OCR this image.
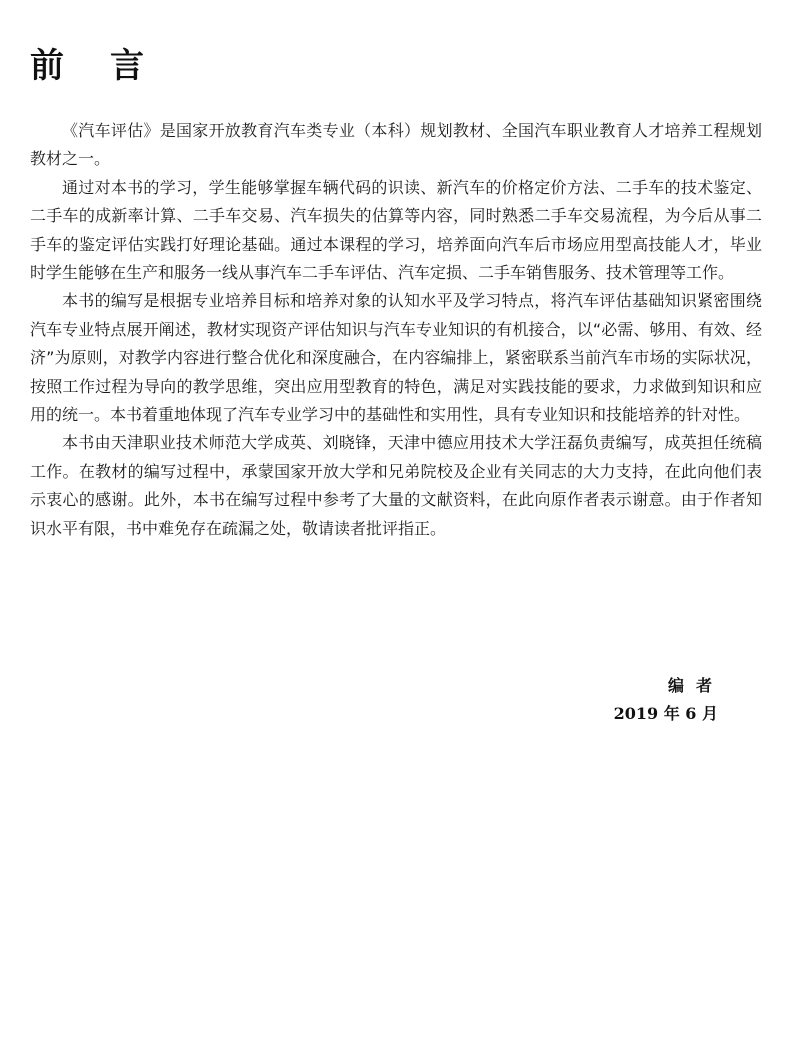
前言

《汽车评估》是国家开放教育汽车类专业（本科）规划教材、全国汽车职业教育人才培养工程规划教材之一。

通过对本书的学习，学生能够掌握车辆代码的识读、新汽车的价格定价方法、二手车的技术鉴定、二手车的成新率计算、二手车交易、汽车损失的估算等内容，同时熟悉二手车交易流程，为今后从事二手车的鉴定评估实践打好理论基础。通过本课程的学习，培养面向汽车后市场应用型高技能人才，毕业时学生能够在生产和服务一线从事汽车二手车评估、汽车定损、二手车销售服务、技术管理等工作。

本书的编写是根据专业培养目标和培养对象的认知水平及学习特点，将汽车评估基础知识紧密围绕汽车专业特点展开阐述，教材实现资产评估知识与汽车专业知识的有机接合，以“必需、够用、有效、经济”为原则，对教学内容进行整合优化和深度融合，在内容编排上，紧密联系当前汽车市场的实际状况，按照工作过程为导向的教学思维，突出应用型教育的特色，满足对实践技能的要求，力求做到知识和应用的统一。本书着重地体现了汽车专业学习中的基础性和实用性，具有专业知识和技能培养的针对性。

本书由天津职业技术师范大学成英、刘晓锋，天津中德应用技术大学汪磊负责编写，成英担任统稿工作。在教材的编写过程中，承蒙国家开放大学和兄弟院校及企业有关同志的大力支持，在此向他们表示衷心的感谢。此外，本书在编写过程中参考了大量的文献资料，在此向原作者表示谢意。由于作者知识水平有限，书中难免存在疏漏之处，敬请读者批评指正。

编者
2019 年 6 月
